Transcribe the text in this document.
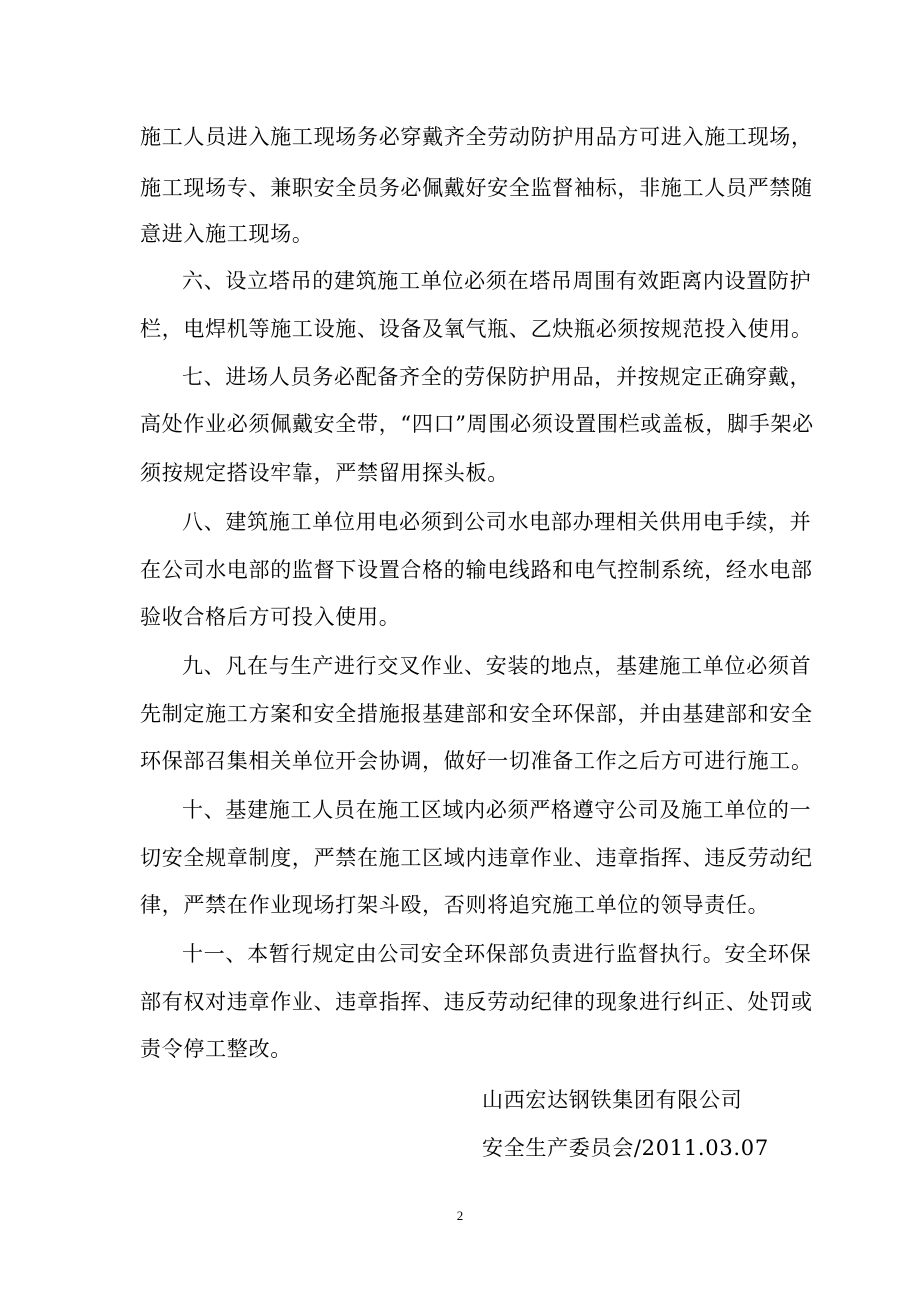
施工人员进入施工现场务必穿戴齐全劳动防护用品方可进入施工现场，
施工现场专、兼职安全员务必佩戴好安全监督袖标，非施工人员严禁随
意进入施工现场。
六、设立塔吊的建筑施工单位必须在塔吊周围有效距离内设置防护
栏，电焊机等施工设施、设备及氧气瓶、乙炔瓶必须按规范投入使用。
七、进场人员务必配备齐全的劳保防护用品，并按规定正确穿戴，
高处作业必须佩戴安全带，“四口”周围必须设置围栏或盖板，脚手架必
须按规定搭设牢靠，严禁留用探头板。
八、建筑施工单位用电必须到公司水电部办理相关供用电手续，并
在公司水电部的监督下设置合格的输电线路和电气控制系统，经水电部
验收合格后方可投入使用。
九、凡在与生产进行交叉作业、安装的地点，基建施工单位必须首
先制定施工方案和安全措施报基建部和安全环保部，并由基建部和安全
环保部召集相关单位开会协调，做好一切准备工作之后方可进行施工。
十、基建施工人员在施工区域内必须严格遵守公司及施工单位的一
切安全规章制度，严禁在施工区域内违章作业、违章指挥、违反劳动纪
律，严禁在作业现场打架斗殴，否则将追究施工单位的领导责任。
十一、本暂行规定由公司安全环保部负责进行监督执行。安全环保
部有权对违章作业、违章指挥、违反劳动纪律的现象进行纠正、处罚或
责令停工整改。
山西宏达钢铁集团有限公司
安全生产委员会/2011.03.07
2
